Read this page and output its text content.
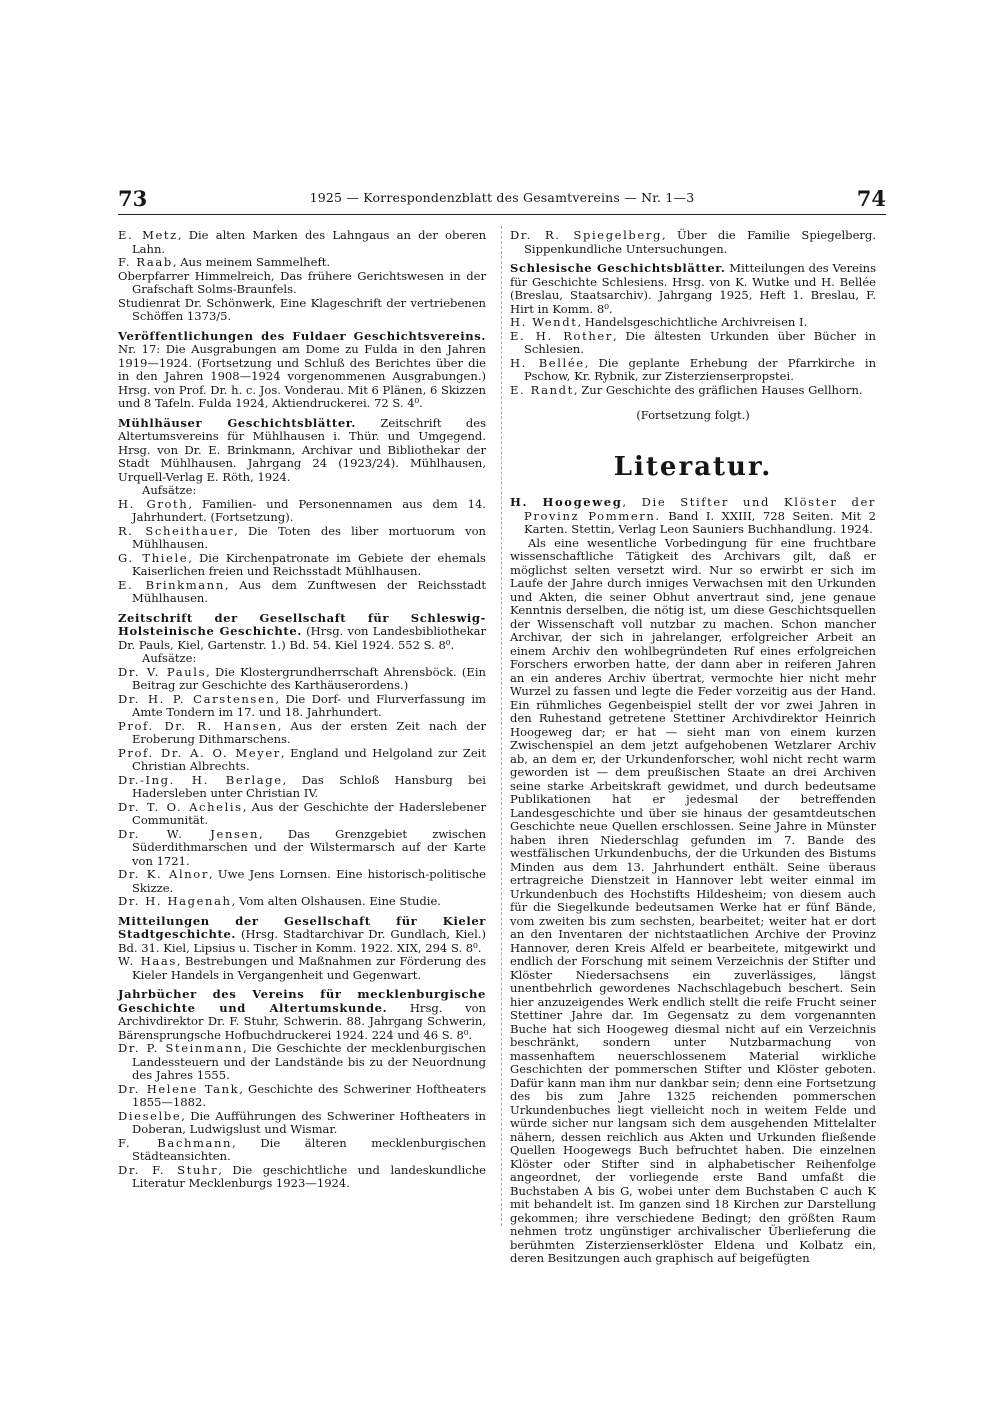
73	1925 — Korrespondenzblatt des Gesamtvereins — Nr. 1—3	74

E. Metz, Die alten Marken des Lahngaus an der oberen Lahn.

F. Raab, Aus meinem Sammelheft.

Oberpfarrer Himmelreich, Das frühere Gerichtswesen in der Grafschaft Solms-Braunfels.

Studienrat Dr. Schönwerk, Eine Klageschrift der vertriebenen Schöffen 1373/5.

Veröffentlichungen des Fuldaer Geschichtsvereins. Nr. 17: Die Ausgrabungen am Dome zu Fulda in den Jahren 1919—1924. (Fortsetzung und Schluß des Berichtes über die in den Jahren 1908—1924 vorgenommenen Ausgrabungen.) Hrsg. von Prof. Dr. h. c. Jos. Vonderau. Mit 6 Plänen, 6 Skizzen und 8 Tafeln. Fulda 1924, Aktiendruckerei. 72 S. 4⁰.

Mühlhäuser Geschichtsblätter. Zeitschrift des Altertumsvereins für Mühlhausen i. Thür. und Umgegend. Hrsg. von Dr. E. Brinkmann, Archivar und Bibliothekar der Stadt Mühlhausen. Jahrgang 24 (1923/24). Mühlhausen, Urquell-Verlag E. Röth, 1924.

Aufsätze:

H. Groth, Familien- und Personennamen aus dem 14. Jahrhundert. (Fortsetzung).

R. Scheithauer, Die Toten des liber mortuorum von Mühlhausen.

G. Thiele, Die Kirchenpatronate im Gebiete der ehemals Kaiserlichen freien und Reichsstadt Mühlhausen.

E. Brinkmann, Aus dem Zunftwesen der Reichsstadt Mühlhausen.

Zeitschrift der Gesellschaft für Schleswig-Holsteinische Geschichte. (Hrsg. von Landesbibliothekar Dr. Pauls, Kiel, Gartenstr. 1.) Bd. 54. Kiel 1924. 552 S. 8⁰.

Aufsätze:

Dr. V. Pauls, Die Klostergrundherrschaft Ahrensböck. (Ein Beitrag zur Geschichte des Karthäuserordens.)

Dr. H. P. Carstensen, Die Dorf- und Flurverfassung im Amte Tondern im 17. und 18. Jahrhundert.

Prof. Dr. R. Hansen, Aus der ersten Zeit nach der Eroberung Dithmarschens.

Prof. Dr. A. O. Meyer, England und Helgoland zur Zeit Christian Albrechts.

Dr.-Ing. H. Berlage, Das Schloß Hansburg bei Hadersleben unter Christian IV.

Dr. T. O. Achelis, Aus der Geschichte der Haderslebener Communität.

Dr. W. Jensen, Das Grenzgebiet zwischen Süderdithmarschen und der Wilstermarsch auf der Karte von 1721.

Dr. K. Alnor, Uwe Jens Lornsen. Eine historisch-politische Skizze.

Dr. H. Hagenah, Vom alten Olshausen. Eine Studie.

Mitteilungen der Gesellschaft für Kieler Stadtgeschichte. (Hrsg. Stadtarchivar Dr. Gundlach, Kiel.) Bd. 31. Kiel, Lipsius u. Tischer in Komm. 1922. XIX, 294 S. 8⁰.

W. Haas, Bestrebungen und Maßnahmen zur Förderung des Kieler Handels in Vergangenheit und Gegenwart.

Jahrbücher des Vereins für mecklenburgische Geschichte und Altertumskunde. Hrsg. von Archivdirektor Dr. F. Stuhr, Schwerin. 88. Jahrgang Schwerin, Bärensprungsche Hofbuchdruckerei 1924. 224 und 46 S. 8⁰.

Dr. P. Steinmann, Die Geschichte der mecklenburgischen Landessteuern und der Landstände bis zu der Neuordnung des Jahres 1555.

Dr. Helene Tank, Geschichte des Schweriner Hoftheaters 1855—1882.

Dieselbe, Die Aufführungen des Schweriner Hoftheaters in Doberan, Ludwigslust und Wismar.

F. Bachmann, Die älteren mecklenburgischen Städteansichten.

Dr. F. Stuhr, Die geschichtliche und landeskundliche Literatur Mecklenburgs 1923—1924.

Dr. R. Spiegelberg, Über die Familie Spiegelberg. Sippenkundliche Untersuchungen.

Schlesische Geschichtsblätter. Mitteilungen des Vereins für Geschichte Schlesiens. Hrsg. von K. Wutke und H. Bellée (Breslau, Staatsarchiv). Jahrgang 1925, Heft 1. Breslau, F. Hirt in Komm. 8⁰.

H. Wendt, Handelsgeschichtliche Archivreisen I.

E. H. Rother, Die ältesten Urkunden über Bücher in Schlesien.

H. Bellée, Die geplante Erhebung der Pfarrkirche in Pschow, Kr. Rybnik, zur Zisterzienserpropstei.

E. Randt, Zur Geschichte des gräflichen Hauses Gellhorn.

(Fortsetzung folgt.)

Literatur.

H. Hoogeweg, Die Stifter und Klöster der Provinz Pommern. Band I. XXIII, 728 Seiten. Mit 2 Karten. Stettin, Verlag Leon Sauniers Buchhandlung. 1924.

Als eine wesentliche Vorbedingung für eine fruchtbare wissenschaftliche Tätigkeit des Archivars gilt, daß er möglichst selten versetzt wird. Nur so erwirbt er sich im Laufe der Jahre durch inniges Verwachsen mit den Urkunden und Akten, die seiner Obhut anvertraut sind, jene genaue Kenntnis derselben, die nötig ist, um diese Geschichtsquellen der Wissenschaft voll nutzbar zu machen. Schon mancher Archivar, der sich in jahrelanger, erfolgreicher Arbeit an einem Archiv den wohlbegründeten Ruf eines erfolgreichen Forschers erworben hatte, der dann aber in reiferen Jahren an ein anderes Archiv übertrat, vermochte hier nicht mehr Wurzel zu fassen und legte die Feder vorzeitig aus der Hand. Ein rühmliches Gegenbeispiel stellt der vor zwei Jahren in den Ruhestand getretene Stettiner Archivdirektor Heinrich Hoogeweg dar; er hat — sieht man von einem kurzen Zwischenspiel an dem jetzt aufgehobenen Wetzlarer Archiv ab, an dem er, der Urkundenforscher, wohl nicht recht warm geworden ist — dem preußischen Staate an drei Archiven seine starke Arbeitskraft gewidmet, und durch bedeutsame Publikationen hat er jedesmal der betreffenden Landesgeschichte und über sie hinaus der gesamtdeutschen Geschichte neue Quellen erschlossen. Seine Jahre in Münster haben ihren Niederschlag gefunden im 7. Bande des westfälischen Urkundenbuchs, der die Urkunden des Bistums Minden aus dem 13. Jahrhundert enthält. Seine überaus ertragreiche Dienstzeit in Hannover lebt weiter einmal im Urkundenbuch des Hochstifts Hildesheim; von diesem auch für die Siegelkunde bedeutsamen Werke hat er fünf Bände, vom zweiten bis zum sechsten, bearbeitet; weiter hat er dort an den Inventaren der nichtstaatlichen Archive der Provinz Hannover, deren Kreis Alfeld er bearbeitete, mitgewirkt und endlich der Forschung mit seinem Verzeichnis der Stifter und Klöster Niedersachsens ein zuverlässiges, längst unentbehrlich gewordenes Nachschlagebuch beschert. Sein hier anzuzeigendes Werk endlich stellt die reife Frucht seiner Stettiner Jahre dar. Im Gegensatz zu dem vorgenannten Buche hat sich Hoogeweg diesmal nicht auf ein Verzeichnis beschränkt, sondern unter Nutzbarmachung von massenhaftem neuerschlossenem Material wirkliche Geschichten der pommerschen Stifter und Klöster geboten. Dafür kann man ihm nur dankbar sein; denn eine Fortsetzung des bis zum Jahre 1325 reichenden pommerschen Urkundenbuches liegt vielleicht noch in weitem Felde und würde sicher nur langsam sich dem ausgehenden Mittelalter nähern, dessen reichlich aus Akten und Urkunden fließende Quellen Hoogewegs Buch befruchtet haben. Die einzelnen Klöster oder Stifter sind in alphabetischer Reihenfolge angeordnet, der vorliegende erste Band umfaßt die Buchstaben A bis G, wobei unter dem Buchstaben C auch K mit behandelt ist. Im ganzen sind 18 Kirchen zur Darstellung gekommen; ihre verschiedene Bedingt; den größten Raum nehmen trotz ungünstiger archivalischer Überlieferung die berühmten Zisterzienserklöster Eldena und Kolbatz ein, deren Besitzungen auch graphisch auf beigefügten
